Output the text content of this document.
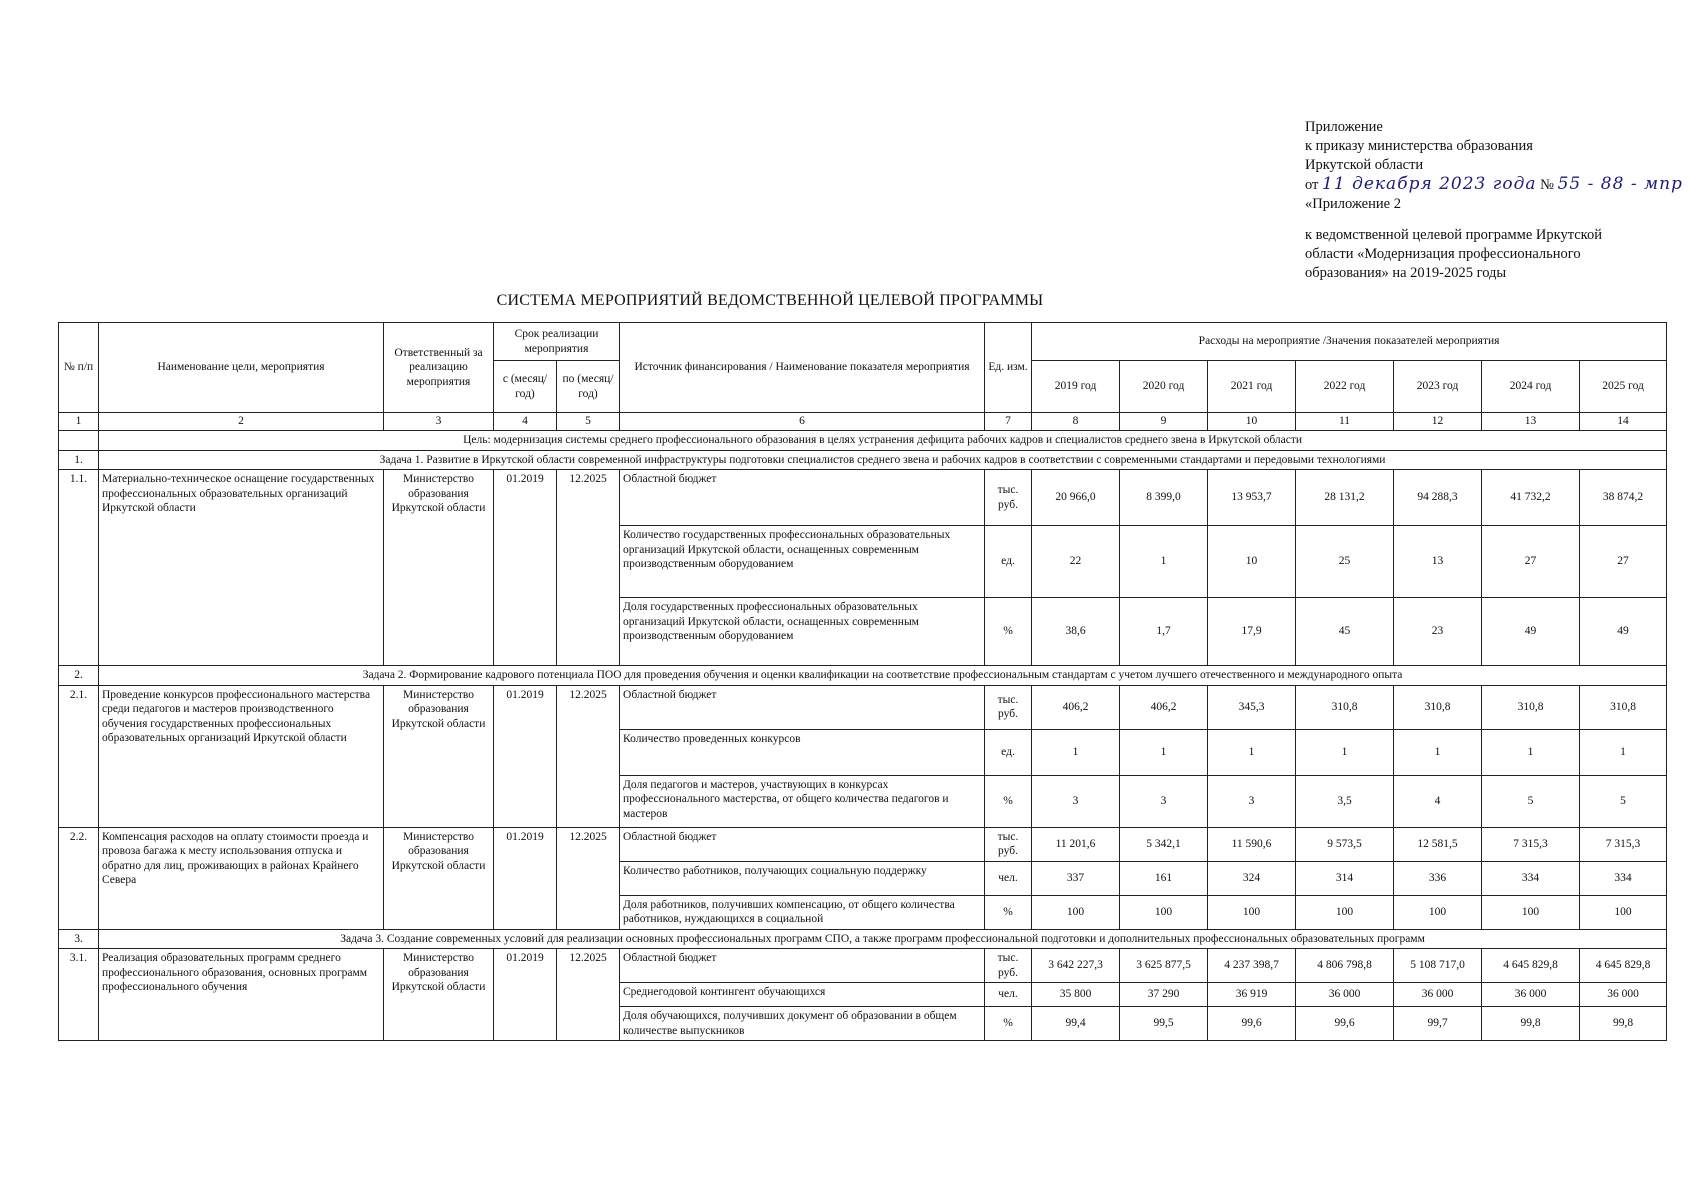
Приложение
к приказу министерства образования
Иркутской области
от 11 декабря 2023 года № 55 - 88 - мпр
«Приложение 2
к ведомственной целевой программе Иркутской
области «Модернизация профессионального
образования» на 2019-2025 годы
СИСТЕМА МЕРОПРИЯТИЙ ВЕДОМСТВЕННОЙ ЦЕЛЕВОЙ ПРОГРАММЫ
№ п/п	Наименование цели, мероприятия	Ответственный за реализацию мероприятия	Срок реализации мероприятия		Источник финансирования / Наименование показателя мероприятия	Ед. изм.	Расходы на мероприятие /Значения показателей мероприятия						
			с (месяц/ год)	по (месяц/ год)			2019 год	2020 год	2021 год	2022 год	2023 год	2024 год	2025 год
1	2	3	4	5	6	7	8	9	10	11	12	13	14
	Цель: модернизация системы среднего профессионального образования в целях устранения дефицита рабочих кадров и специалистов среднего звена в Иркутской области												
1.	Задача 1. Развитие в Иркутской области современной инфраструктуры подготовки специалистов среднего звена и рабочих кадров в соответствии с современными стандартами и передовыми технологиями												
1.1.	Материально-техническое оснащение государственных профессиональных образовательных организаций Иркутской области	Министерство образования Иркутской области	01.2019	12.2025	Областной бюджет	тыс. руб.	20 966,0	8 399,0	13 953,7	28 131,2	94 288,3	41 732,2	38 874,2
					Количество государственных профессиональных образовательных организаций Иркутской области, оснащенных современным производственным оборудованием	ед.	22	1	10	25	13	27	27
					Доля государственных профессиональных образовательных организаций Иркутской области, оснащенных современным производственным оборудованием	%	38,6	1,7	17,9	45	23	49	49
2.	Задача 2. Формирование кадрового потенциала ПОО для проведения обучения и оценки квалификации на соответствие профессиональным стандартам с учетом лучшего отечественного и международного опыта												
2.1.	Проведение конкурсов профессионального мастерства среди педагогов и мастеров производственного обучения государственных профессиональных образовательных организаций Иркутской области	Министерство образования Иркутской области	01.2019	12.2025	Областной бюджет	тыс. руб.	406,2	406,2	345,3	310,8	310,8	310,8	310,8
					Количество проведенных конкурсов	ед.	1	1	1	1	1	1	1
					Доля педагогов и мастеров, участвующих в конкурсах профессионального мастерства, от общего количества педагогов и мастеров	%	3	3	3	3,5	4	5	5
2.2.	Компенсация расходов на оплату стоимости проезда и провоза багажа к месту использования отпуска и обратно для лиц, проживающих в районах Крайнего Севера	Министерство образования Иркутской области	01.2019	12.2025	Областной бюджет	тыс. руб.	11 201,6	5 342,1	11 590,6	9 573,5	12 581,5	7 315,3	7 315,3
					Количество работников, получающих социальную поддержку	чел.	337	161	324	314	336	334	334
					Доля работников, получивших компенсацию, от общего количества работников, нуждающихся в социальной	%	100	100	100	100	100	100	100
3.	Задача 3. Создание современных условий для реализации основных профессиональных программ СПО, а также программ профессиональной подготовки и дополнительных профессиональных образовательных программ												
3.1.	Реализация образовательных программ среднего профессионального образования, основных программ профессионального обучения	Министерство образования Иркутской области	01.2019	12.2025	Областной бюджет	тыс. руб.	3 642 227,3	3 625 877,5	4 237 398,7	4 806 798,8	5 108 717,0	4 645 829,8	4 645 829,8
					Среднегодовой контингент обучающихся	чел.	35 800	37 290	36 919	36 000	36 000	36 000	36 000
					Доля обучающихся, получивших документ об образовании в общем количестве выпускников	%	99,4	99,5	99,6	99,6	99,7	99,8	99,8
